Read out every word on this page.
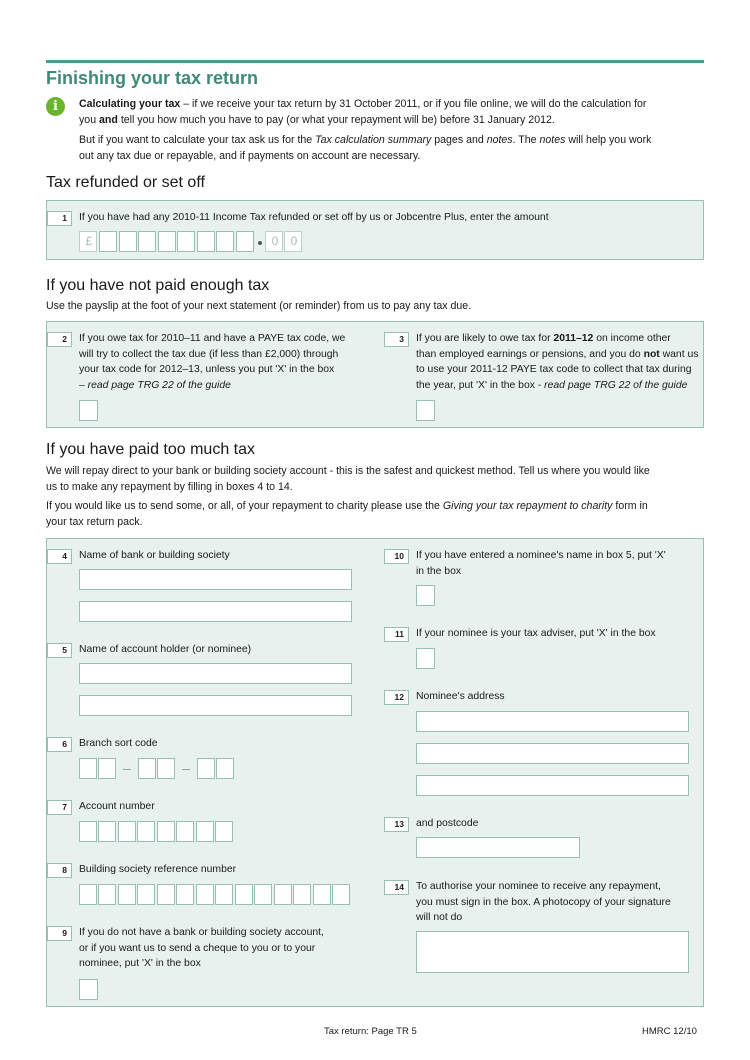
Finishing your tax return
i	Calculating your tax – if we receive your tax return by 31 October 2011, or if you file online, we will do the calculation for
you and tell you how much you have to pay (or what your repayment will be) before 31 January 2012.
But if you want to calculate your tax ask us for the Tax calculation summary pages and notes. The notes will help you work
out any tax due or repayable, and if payments on account are necessary.
Tax refunded or set off
1	If you have had any 2010-11 Income Tax refunded or set off by us or Jobcentre Plus, enter the amount
£	0	0
If you have not paid enough tax
Use the payslip at the foot of your next statement (or reminder) from us to pay any tax due.
2	If you owe tax for 2010–11 and have a PAYE tax code, we
will try to collect the tax due (if less than £2,000) through
your tax code for 2012–13, unless you put 'X' in the box
– read page TRG 22 of the guide
3	If you are likely to owe tax for 2011–12 on income other
than employed earnings or pensions, and you do not want us
to use your 2011-12 PAYE tax code to collect that tax during
the year, put 'X' in the box - read page TRG 22 of the guide
If you have paid too much tax
We will repay direct to your bank or building society account - this is the safest and quickest method. Tell us where you would like
us to make any repayment by filling in boxes 4 to 14.
If you would like us to send some, or all, of your repayment to charity please use the Giving your tax repayment to charity form in
your tax return pack.
4	Name of bank or building society
5	Name of account holder (or nominee)
6	Branch sort code
7	Account number
8	Building society reference number
9	If you do not have a bank or building society account,
or if you want us to send a cheque to you or to your
nominee, put 'X' in the box
10	If you have entered a nominee's name in box 5, put 'X'
in the box
11	If your nominee is your tax adviser, put 'X' in the box
12	Nominee's address
13	and postcode
14	To authorise your nominee to receive any repayment,
you must sign in the box. A photocopy of your signature
will not do
Tax return: Page TR 5	HMRC 12/10
